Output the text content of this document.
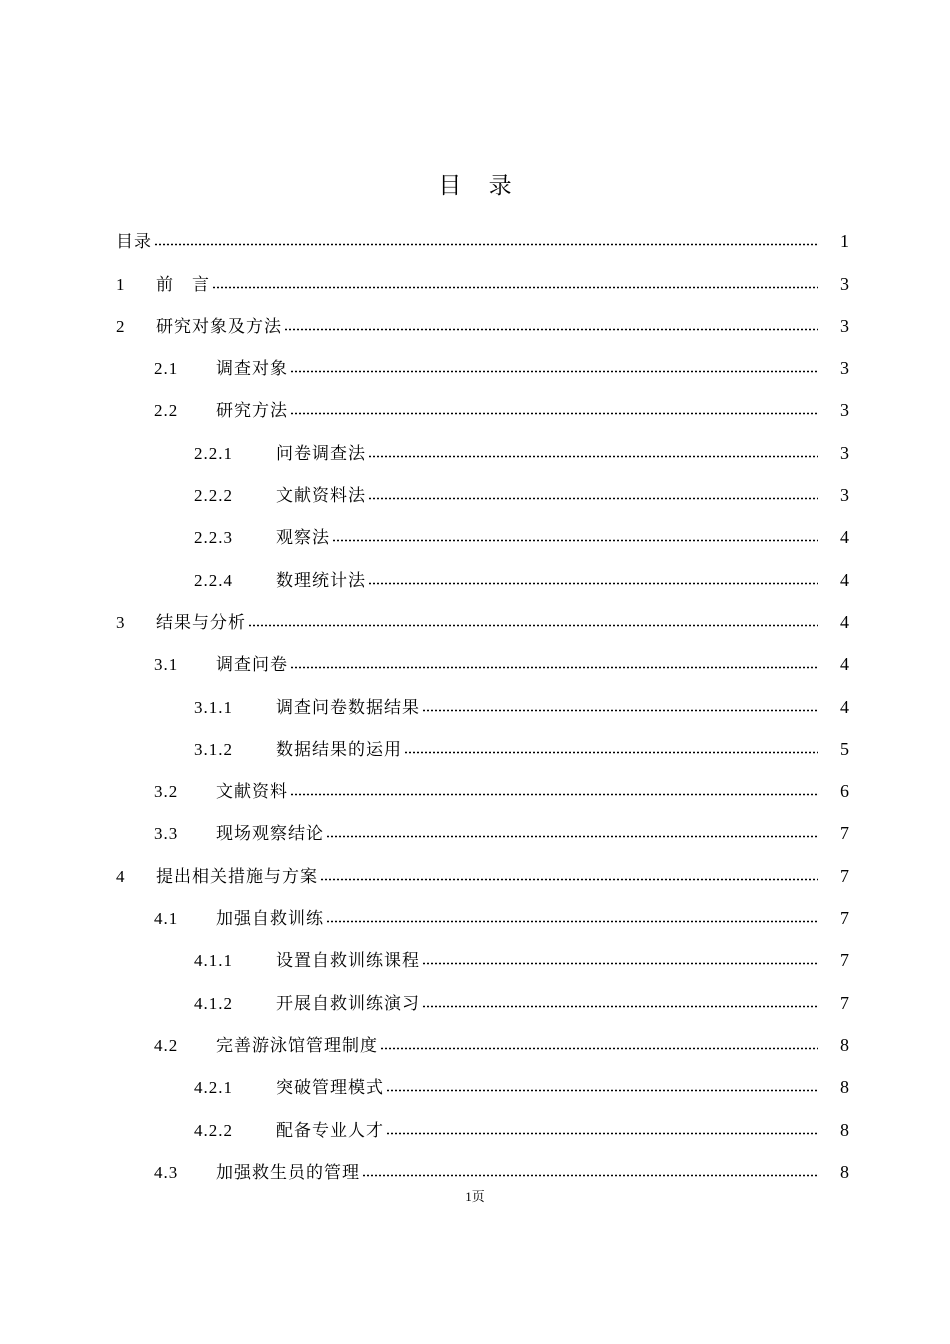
目 录
目录	1
1	前　言	3
2	研究对象及方法	3
2.1	调查对象	3
2.2	研究方法	3
2.2.1	问卷调查法	3
2.2.2	文献资料法	3
2.2.3	观察法	4
2.2.4	数理统计法	4
3	结果与分析	4
3.1	调查问卷	4
3.1.1	调查问卷数据结果	4
3.1.2	数据结果的运用	5
3.2	文献资料	6
3.3	现场观察结论	7
4	提出相关措施与方案	7
4.1	加强自救训练	7
4.1.1	设置自救训练课程	7
4.1.2	开展自救训练演习	7
4.2	完善游泳馆管理制度	8
4.2.1	突破管理模式	8
4.2.2	配备专业人才	8
4.3	加强救生员的管理	8
1页
